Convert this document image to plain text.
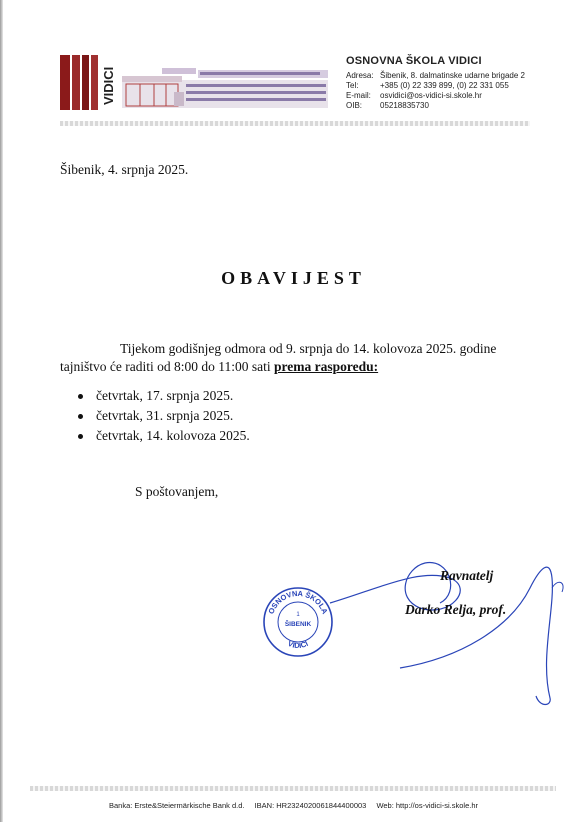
VIDICI
OSNOVNA ŠKOLA VIDICI
Adresa: Šibenik, 8. dalmatinske udarne brigade 2
Tel:	+385 (0) 22 339 899, (0) 22 331 055
E-mail:	osvidici@os-vidici-si.skole.hr
OIB:	05218835730
Šibenik, 4. srpnja 2025.
OBAVIJEST
Tijekom godišnjeg odmora od 9. srpnja do 14. kolovoza 2025. godine
tajništvo će raditi od 8:00 do 11:00 sati prema rasporedu:
četvrtak, 17. srpnja 2025.
četvrtak, 31. srpnja 2025.
četvrtak, 14. kolovoza 2025.
S poštovanjem,
OSNOVNA ŠKOLA
VIDICI
1
ŠIBENIK
Ravnatelj
Darko Relja, prof.
Banka: Erste&Steiermärkische Bank d.d. IBAN: HR2324020061844400003 Web: http://os-vidici-si.skole.hr
